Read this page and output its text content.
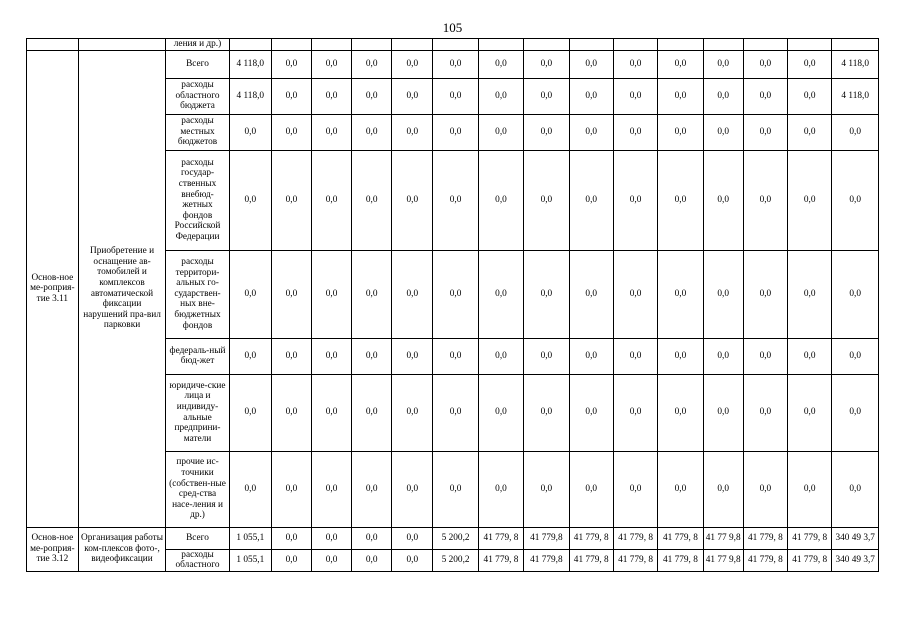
105
		ления и др.)															
Основ-ное ме-роприя-тие 3.11	Приобретение и оснащение ав-томобилей и комплексов автоматической фиксации нарушений пра-вил парковки	Всего	4 118,0	0,0	0,0	0,0	0,0	0,0	0,0	0,0	0,0	0,0	0,0	0,0	0,0	0,0	4 118,0
		расходы областного бюджета	4 118,0	0,0	0,0	0,0	0,0	0,0	0,0	0,0	0,0	0,0	0,0	0,0	0,0	0,0	4 118,0
		расходы местных бюджетов	0,0	0,0	0,0	0,0	0,0	0,0	0,0	0,0	0,0	0,0	0,0	0,0	0,0	0,0	0,0
		расходы государ-ственных внебюд-жетных фондов Российской Федерации	0,0	0,0	0,0	0,0	0,0	0,0	0,0	0,0	0,0	0,0	0,0	0,0	0,0	0,0	0,0
		расходы территори-альных го-сударствен-ных вне-бюджетных фондов	0,0	0,0	0,0	0,0	0,0	0,0	0,0	0,0	0,0	0,0	0,0	0,0	0,0	0,0	0,0
		федераль-ный бюд-жет	0,0	0,0	0,0	0,0	0,0	0,0	0,0	0,0	0,0	0,0	0,0	0,0	0,0	0,0	0,0
		юридиче-ские лица и индивиду-альные предприни-матели	0,0	0,0	0,0	0,0	0,0	0,0	0,0	0,0	0,0	0,0	0,0	0,0	0,0	0,0	0,0
		прочие ис-точники (собствен-ные сред-ства насе-ления и др.)	0,0	0,0	0,0	0,0	0,0	0,0	0,0	0,0	0,0	0,0	0,0	0,0	0,0	0,0	0,0
Основ-ное ме-роприя-тие 3.12	Организация работы ком-плексов фото-, видеофиксации	Всего	1 055,1	0,0	0,0	0,0	0,0	5 200,2	41 779, 8	41 779,8	41 779, 8	41 779, 8	41 779, 8	41 77 9,8	41 779, 8	41 779, 8	340 49 3,7
		расходы областного	1 055,1	0,0	0,0	0,0	0,0	5 200,2	41 779, 8	41 779,8	41 779, 8	41 779, 8	41 779, 8	41 77 9,8	41 779, 8	41 779, 8	340 49 3,7
